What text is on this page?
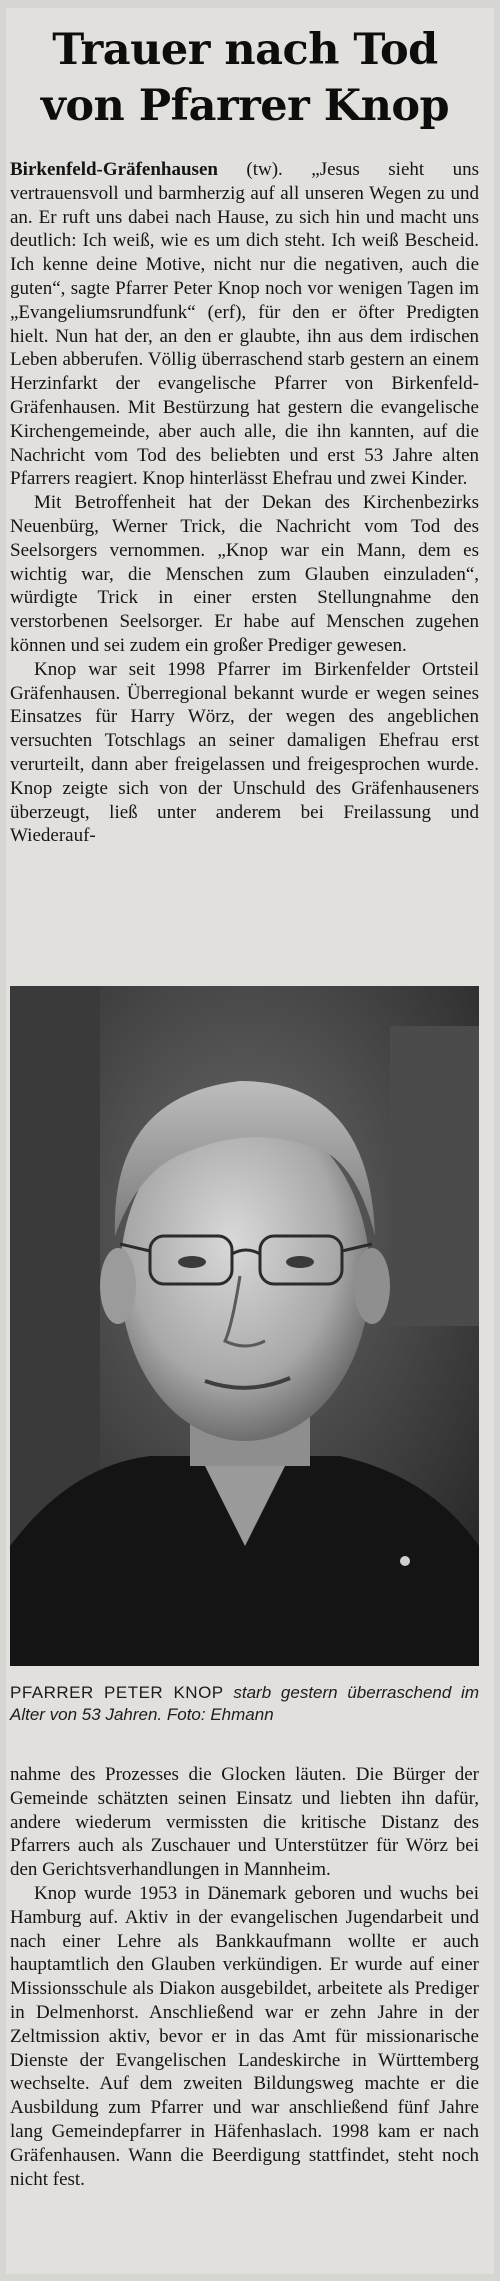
Trauer nach Tod
von Pfarrer Knop

Birkenfeld-Gräfenhausen (tw). „Jesus sieht uns vertrauensvoll und barmherzig auf all unseren Wegen zu und an. Er ruft uns dabei nach Hause, zu sich hin und macht uns deutlich: Ich weiß, wie es um dich steht. Ich weiß Bescheid. Ich kenne deine Motive, nicht nur die negativen, auch die guten“, sagte Pfarrer Peter Knop noch vor wenigen Tagen im „Evangeliumsrundfunk“ (erf), für den er öfter Predigten hielt. Nun hat der, an den er glaubte, ihn aus dem irdischen Leben abberufen. Völlig überraschend starb gestern an einem Herzinfarkt der evangelische Pfarrer von Birkenfeld-Gräfenhausen. Mit Bestürzung hat gestern die evangelische Kirchengemeinde, aber auch alle, die ihn kannten, auf die Nachricht vom Tod des beliebten und erst 53 Jahre alten Pfarrers reagiert. Knop hinterlässt Ehefrau und zwei Kinder.

Mit Betroffenheit hat der Dekan des Kirchenbezirks Neuenbürg, Werner Trick, die Nachricht vom Tod des Seelsorgers vernommen. „Knop war ein Mann, dem es wichtig war, die Menschen zum Glauben einzuladen“, würdigte Trick in einer ersten Stellungnahme den verstorbenen Seelsorger. Er habe auf Menschen zugehen können und sei zudem ein großer Prediger gewesen.

Knop war seit 1998 Pfarrer im Birkenfelder Ortsteil Gräfenhausen. Überregional bekannt wurde er wegen seines Einsatzes für Harry Wörz, der wegen des angeblichen versuchten Totschlags an seiner damaligen Ehefrau erst verurteilt, dann aber freigelassen und freigesprochen wurde. Knop zeigte sich von der Unschuld des Gräfenhauseners überzeugt, ließ unter anderem bei Freilassung und Wiederauf-

PFARRER PETER KNOP starb gestern überraschend im Alter von 53 Jahren. Foto: Ehmann

nahme des Prozesses die Glocken läuten. Die Bürger der Gemeinde schätzten seinen Einsatz und liebten ihn dafür, andere wiederum vermissten die kritische Distanz des Pfarrers auch als Zuschauer und Unterstützer für Wörz bei den Gerichtsverhandlungen in Mannheim.

Knop wurde 1953 in Dänemark geboren und wuchs bei Hamburg auf. Aktiv in der evangelischen Jugendarbeit und nach einer Lehre als Bankkaufmann wollte er auch hauptamtlich den Glauben verkündigen. Er wurde auf einer Missionsschule als Diakon ausgebildet, arbeitete als Prediger in Delmenhorst. Anschließend war er zehn Jahre in der Zeltmission aktiv, bevor er in das Amt für missionarische Dienste der Evangelischen Landeskirche in Württemberg wechselte. Auf dem zweiten Bildungsweg machte er die Ausbildung zum Pfarrer und war anschließend fünf Jahre lang Gemeindepfarrer in Häfenhaslach. 1998 kam er nach Gräfenhausen. Wann die Beerdigung stattfindet, steht noch nicht fest.
